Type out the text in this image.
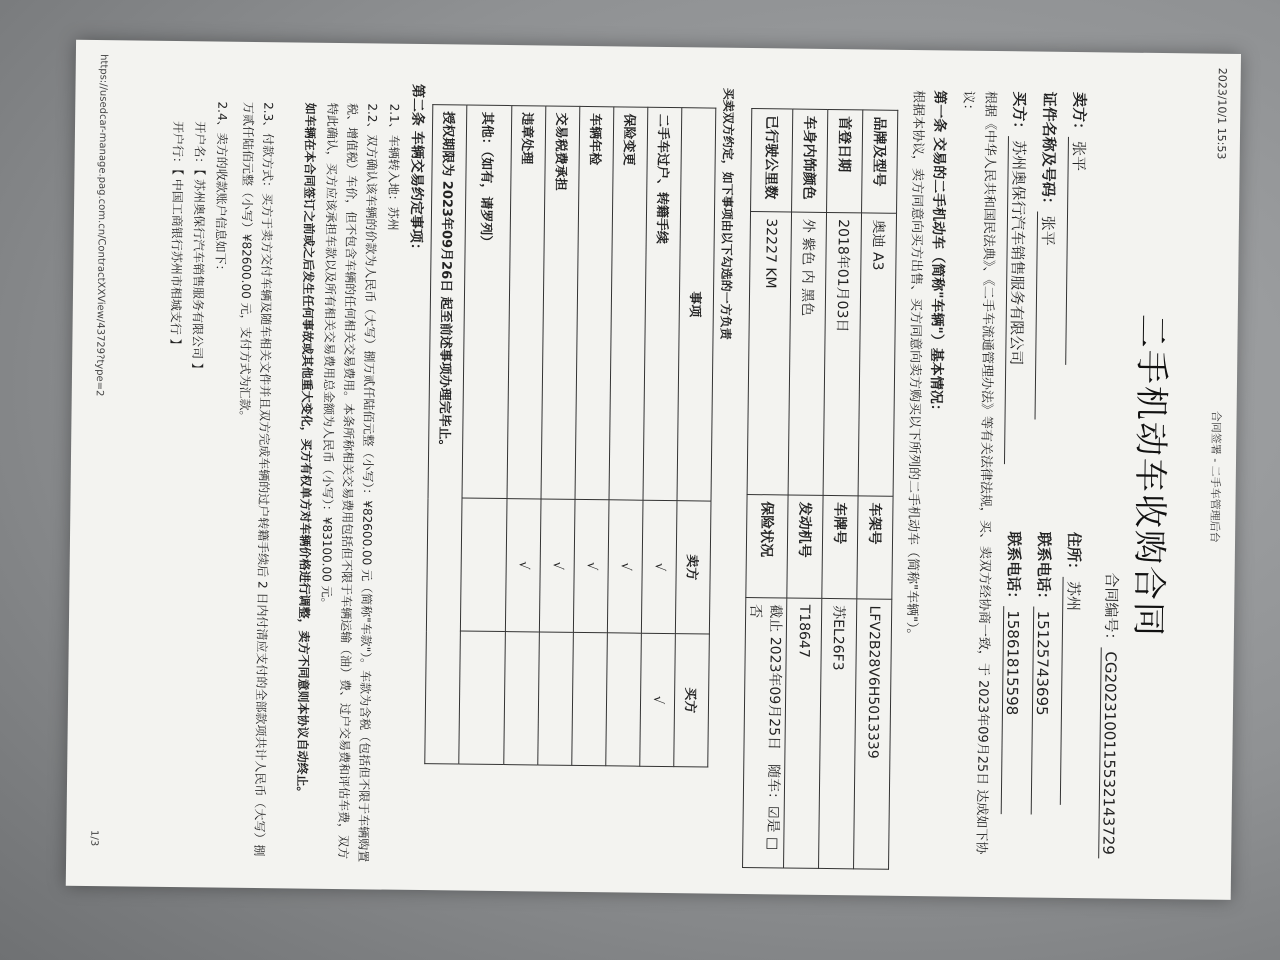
2023/10/1 15:53
合同签署 - 二手车管理后台
二手机动车收购合同
合同编号：CG20231001155321437​29
卖方：张平
住所：苏州
证件名称及号码：张平
联系电话：15125743695
买方：苏州奥保行汽车销售服务有限公司
联系电话：15861815598
根据《中华人民共和国民法典》、《二手车流通管理办法》等有关法律法规，买、卖双方经协商一致，于 2023年09月25日 达成如下协议：
第一条 交易的二手机动车（简称"车辆"）基本情况：
根据本协议，卖方同意向买方出售、买方同意向卖方购买以下所列的二手机动车（简称"车辆"）。
品牌及型号	奥迪 A3	车架号	LFV2B28V6H5013339
首登日期	2018年01月03日	车牌号	苏EL26F3
车身内饰颜色	外 紫色 内 黑色	发动机号	T18647
已行驶公里数	32227 KM	保险状况	截止 2023年09月25日　随车：☑是 □否
买卖双方约定，如下事项由以下勾选的一方负责
事项	卖方	买方
二手车过户、转籍手续	√	√
保险变更	√	
车辆年检	√	
交易税费承担	√	
违章处理	√	
其他：（如有，请罗列）		
授权期限为 2023年09月26日 起至前述事项办理完毕止。		
第二条 车辆交易约定事项：
2.1、车辆转入地：苏州
2.2、双方确认该车辆的价款为人民币（大写）捌万贰仟陆佰元整（小写）：¥82600.00 元（简称"车款"）。车款为含税（包括但不限于车辆购置税、增值税）车价，但不包含车辆的任何相关交易费用。本条所称相关交易费用包括但不限于车辆运输（油）费、过户交易费和评估车费，双方特此确认，买方应该承担车款以及所有相关交易费用总金额为人民币（小写）：¥83100.00 元。
如车辆在本合同签订之前或之后发生任何事故或其他重大变化，买方有权单方对车辆价格进行调整，卖方不同意则本协议自动终止。
2.3、付款方式：买方于卖方交付车辆及随车相关文件并且双方完成车辆的过户转籍手续后 2 日内付清应支付的全部款项共计人民币（大写）捌万贰仟陆佰元整（小写）¥82600.00 元，支付方式为汇款。
2.4、卖方的收款账户信息如下：
开户名：【 苏州奥保行汽车销售服务有限公司 】
开户行：【 中国工商银行苏州市相城支行 】
https://usedcar-manage.pag.com.cn/ContractXXView/43729?type=2
1/3
